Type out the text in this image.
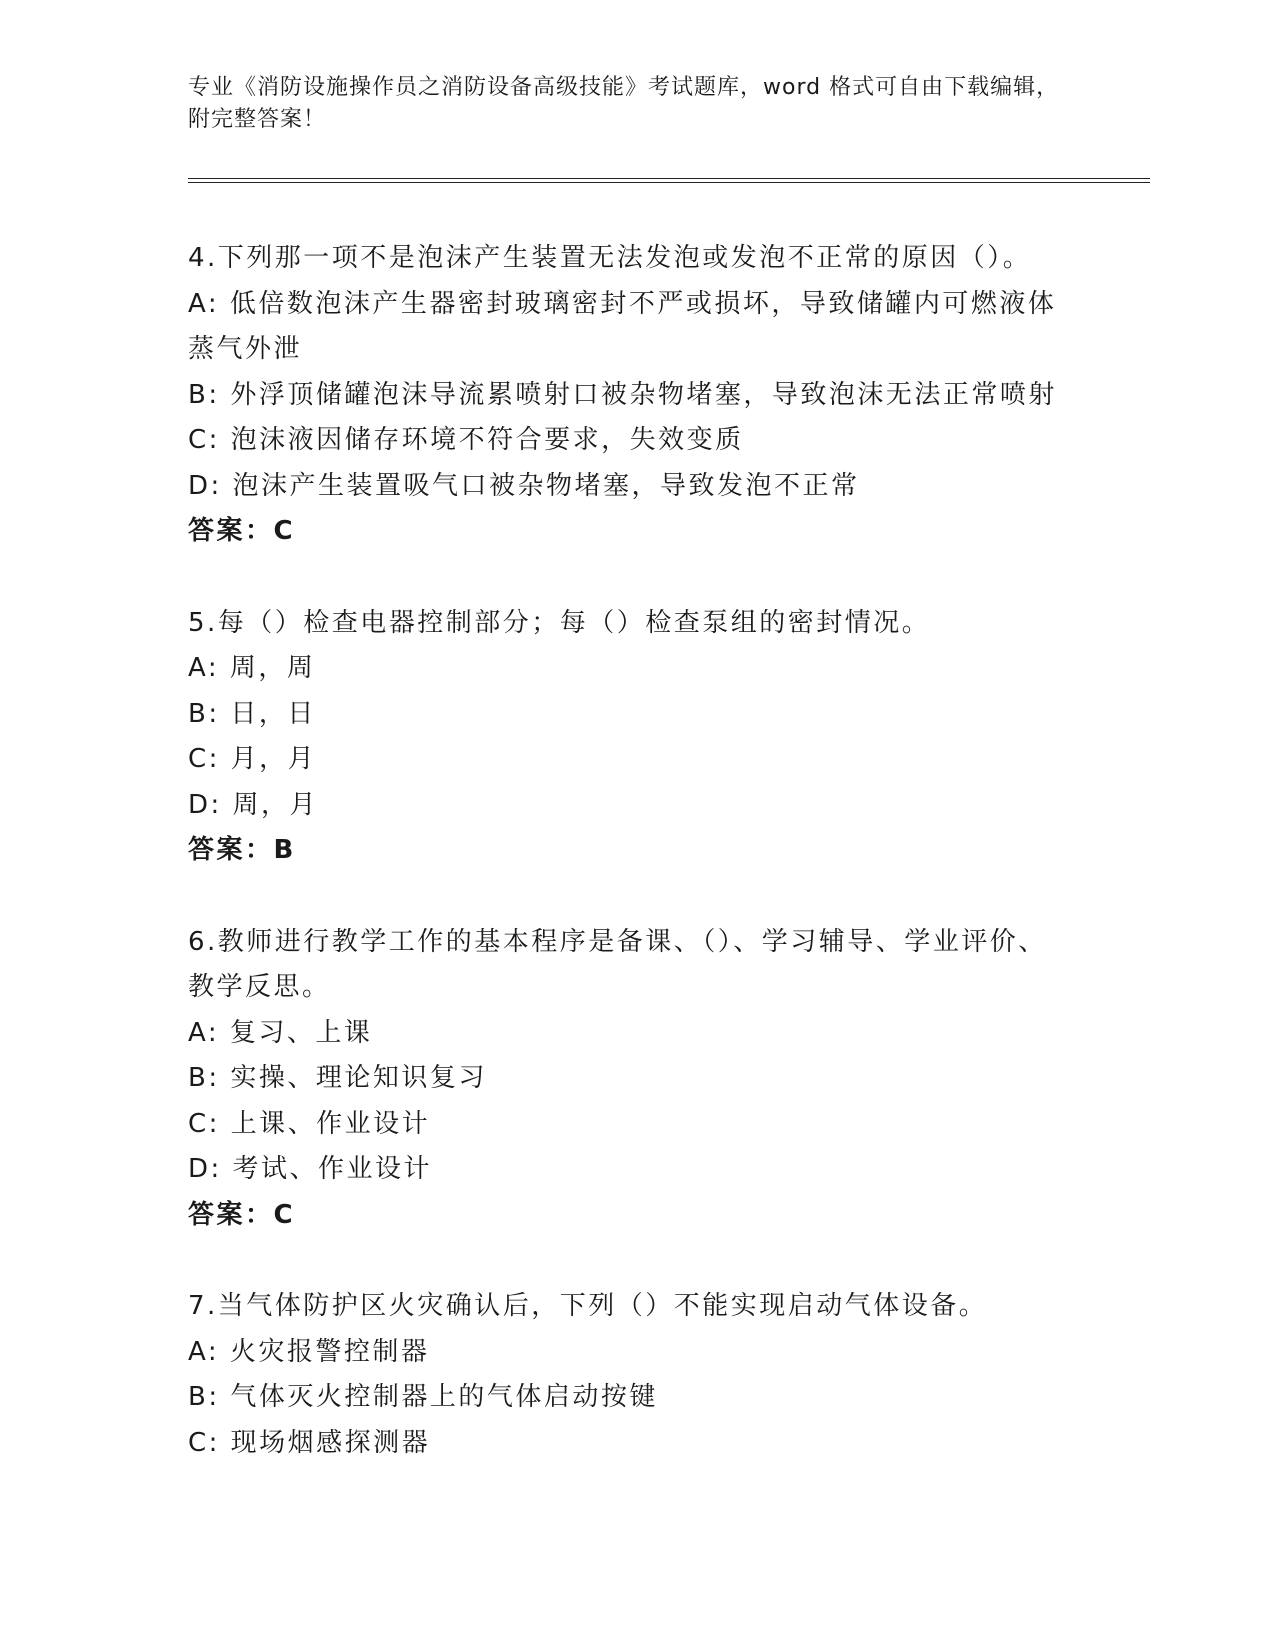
专业《消防设施操作员之消防设备高级技能》考试题库，word 格式可自由下载编辑，附完整答案！
4.下列那一项不是泡沫产生装置无法发泡或发泡不正常的原因（）。
A: 低倍数泡沫产生器密封玻璃密封不严或损坏，导致储罐内可燃液体蒸气外泄
B: 外浮顶储罐泡沫导流累喷射口被杂物堵塞，导致泡沫无法正常喷射
C: 泡沫液因储存环境不符合要求，失效变质
D: 泡沫产生装置吸气口被杂物堵塞，导致发泡不正常
答案：C
5.每（）检查电器控制部分；每（）检查泵组的密封情况。
A: 周，周
B: 日，日
C: 月，月
D: 周，月
答案：B
6.教师进行教学工作的基本程序是备课、（）、学习辅导、学业评价、教学反思。
A: 复习、上课
B: 实操、理论知识复习
C: 上课、作业设计
D: 考试、作业设计
答案：C
7.当气体防护区火灾确认后，下列（）不能实现启动气体设备。
A: 火灾报警控制器
B: 气体灭火控制器上的气体启动按键
C: 现场烟感探测器
